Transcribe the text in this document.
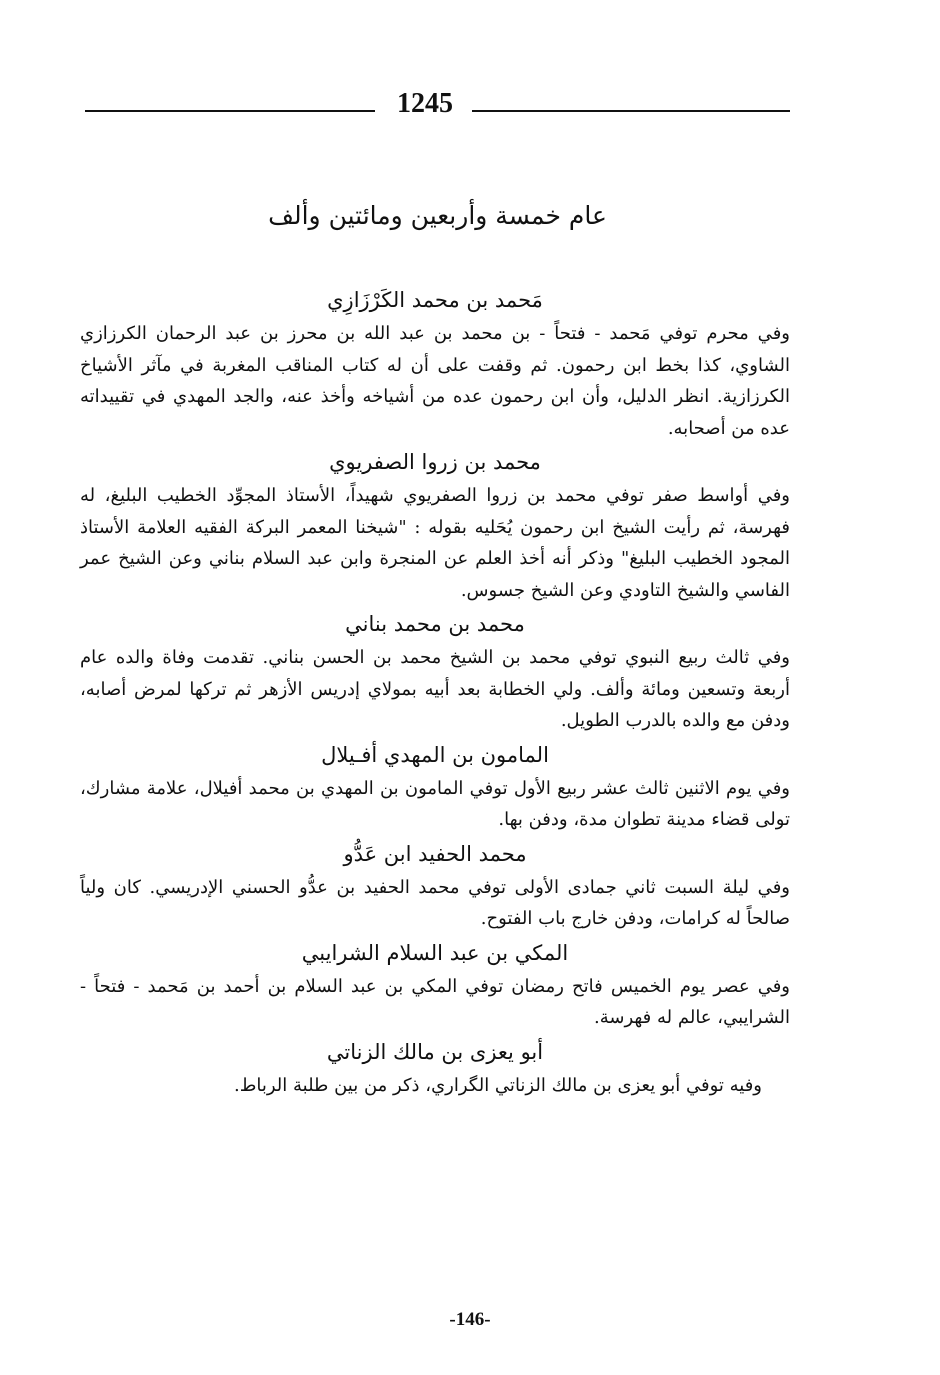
1245
عام خمسة وأربعين ومائتين وألف

مَحمد بن محمد الكَرْزَازِي

وفي محرم توفي مَحمد - فتحاً - بن محمد بن عبد الله بن محرز بن عبد الرحمان الكرزازي الشاوي، كذا بخط ابن رحمون. ثم وقفت على أن له كتاب المناقب المغربة في مآثر الأشياخ الكرزازية. انظر الدليل، وأن ابن رحمون عده من أشياخه وأخذ عنه، والجد المهدي في تقييداته عده من أصحابه.

محمد بن زروا الصفريوي

وفي أواسط صفر توفي محمد بن زروا الصفريوي شهيداً، الأستاذ المجوِّد الخطيب البليغ، له فهرسة، ثم رأيت الشيخ ابن رحمون يُحَليه بقوله : "شيخنا المعمر البركة الفقيه العلامة الأستاذ المجود الخطيب البليغ" وذكر أنه أخذ العلم عن المنجرة وابن عبد السلام بناني وعن الشيخ عمر الفاسي والشيخ التاودي وعن الشيخ جسوس.

محمد بن محمد بناني

وفي ثالث ربيع النبوي توفي محمد بن الشيخ محمد بن الحسن بناني. تقدمت وفاة والده عام أربعة وتسعين ومائة وألف. ولي الخطابة بعد أبيه بمولاي إدريس الأزهر ثم تركها لمرض أصابه، ودفن مع والده بالدرب الطويل.

المامون بن المهدي أفـيلال

وفي يوم الاثنين ثالث عشر ربيع الأول توفي المامون بن المهدي بن محمد أفيلال، علامة مشارك، تولى قضاء مدينة تطوان مدة، ودفن بها.

محمد الحفيد ابن عَدُّو

وفي ليلة السبت ثاني جمادى الأولى توفي محمد الحفيد بن عدُّو الحسني الإدريسي. كان ولياً صالحاً له كرامات، ودفن خارج باب الفتوح.

المكي بن عبد السلام الشرايبي

وفي عصر يوم الخميس فاتح رمضان توفي المكي بن عبد السلام بن أحمد بن مَحمد - فتحاً - الشرايبي، عالم له فهرسة.

أبو يعزى بن مالك الزناتي

وفيه توفي أبو يعزى بن مالك الزناتي الگراري، ذكر من بين طلبة الرباط.

-146-
